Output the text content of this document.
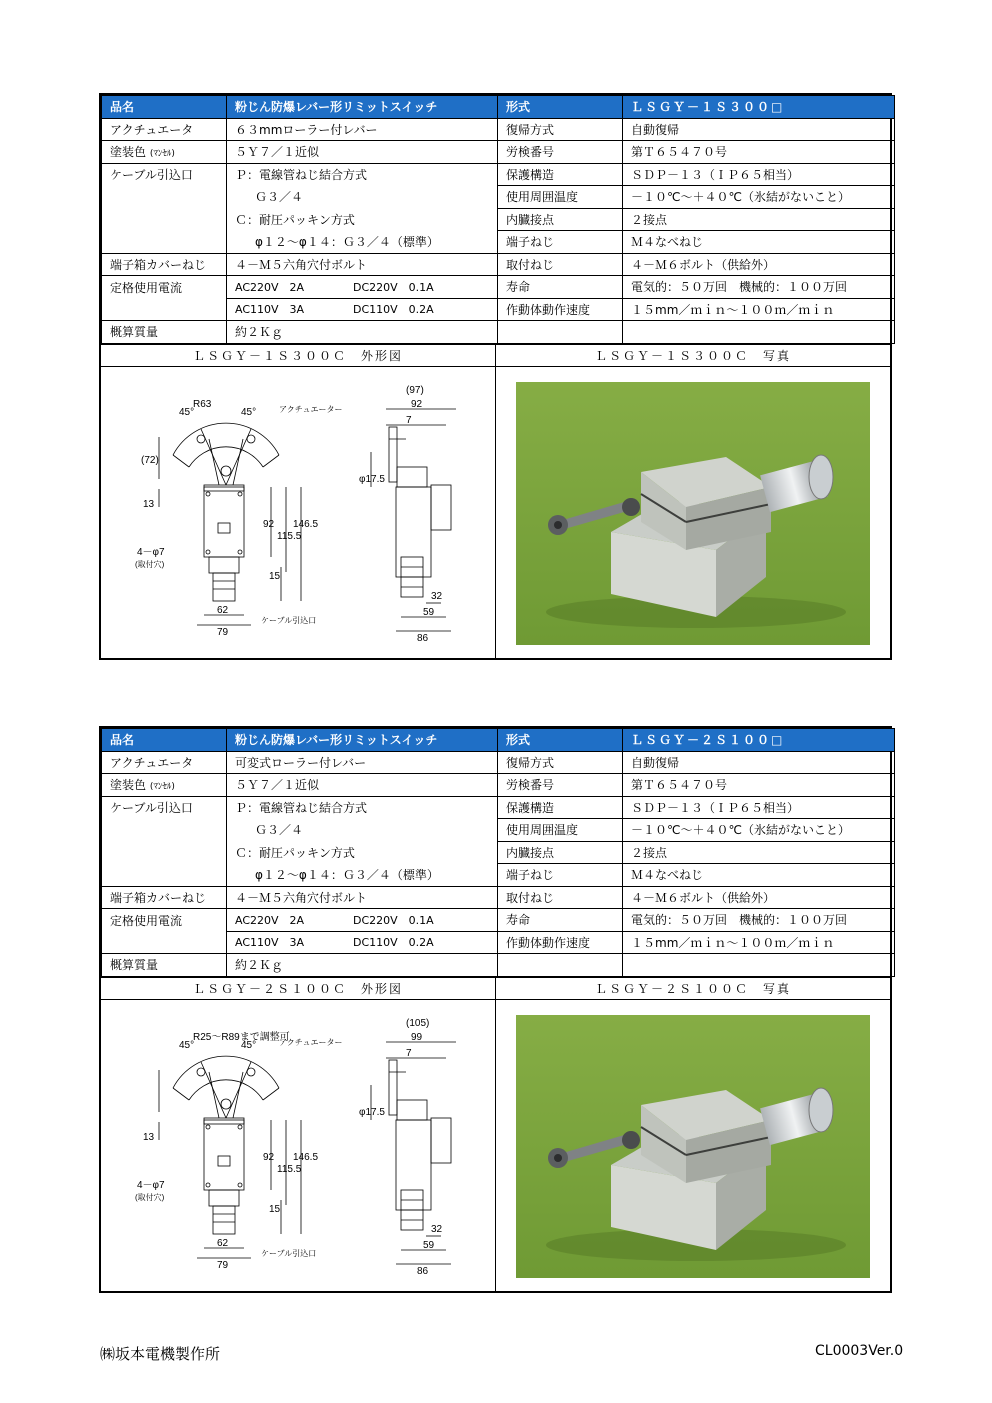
品名	粉じん防爆レバー形リミットスイッチ	形式	ＬＳＧＹ－１Ｓ３００□
アクチュエータ	６３mmローラー付レバー	復帰方式	自動復帰
塗装色 (ﾏﾝｾﾙ)	５Ｙ７／１近似	労検番号	第Ｔ６５４７０号
ケーブル引込口	Ｐ：電線管ねじ結合方式	保護構造	ＳＤＰ－１３（ＩＰ６５相当）
	Ｇ３／４	使用周囲温度	－１０℃～＋４０℃（氷結がないこと）
	Ｃ：耐圧パッキン方式	内臓接点	２接点
	φ１２～φ１４：Ｇ３／４（標準）	端子ねじ	Ｍ４なべねじ
端子箱カバーねじ	４－Ｍ５六角穴付ボルト	取付ねじ	４－Ｍ６ボルト（供給外）
定格使用電流	AC220V　2A DC220V　0.1A	寿命	電気的：５０万回　機械的：１００万回
	AC110V　3A DC110V　0.2A	作動体動作速度	１５mm／ｍｉｎ～１００ｍ／ｍｉｎ
概算質量	約２Ｋｇ		
ＬＳＧＹ－１Ｓ３００Ｃ　外形図	ＬＳＧＹ－１Ｓ３００Ｃ　写真
R63
45°	45°	アクチュエーター
(72)
13
92
115.5
146.5
4－φ7
(取付穴)
15
62
79
ケーブル引込口
(97)
92
7
φ17.5
32
59
86
品名	粉じん防爆レバー形リミットスイッチ	形式	ＬＳＧＹ－２Ｓ１００□
アクチュエータ	可変式ローラー付レバー	復帰方式	自動復帰
塗装色 (ﾏﾝｾﾙ)	５Ｙ７／１近似	労検番号	第Ｔ６５４７０号
ケーブル引込口	Ｐ：電線管ねじ結合方式	保護構造	ＳＤＰ－１３（ＩＰ６５相当）
	Ｇ３／４	使用周囲温度	－１０℃～＋４０℃（氷結がないこと）
	Ｃ：耐圧パッキン方式	内臓接点	２接点
	φ１２～φ１４：Ｇ３／４（標準）	端子ねじ	Ｍ４なべねじ
端子箱カバーねじ	４－Ｍ５六角穴付ボルト	取付ねじ	４－Ｍ６ボルト（供給外）
定格使用電流	AC220V　2A DC220V　0.1A	寿命	電気的：５０万回　機械的：１００万回
	AC110V　3A DC110V　0.2A	作動体動作速度	１５mm／ｍｉｎ～１００ｍ／ｍｉｎ
概算質量	約２Ｋｇ		
ＬＳＧＹ－２Ｓ１００Ｃ　外形図	ＬＳＧＹ－２Ｓ１００Ｃ　写真
R25～R89まで調整可
45°	45°	アクチュエーター
13
92
115.5
146.5
4－φ7
(取付穴)
15
62
79
ケーブル引込口
(105)
99
7
φ17.5
32
59
86
㈱坂本電機製作所	CL0003Ver.0
